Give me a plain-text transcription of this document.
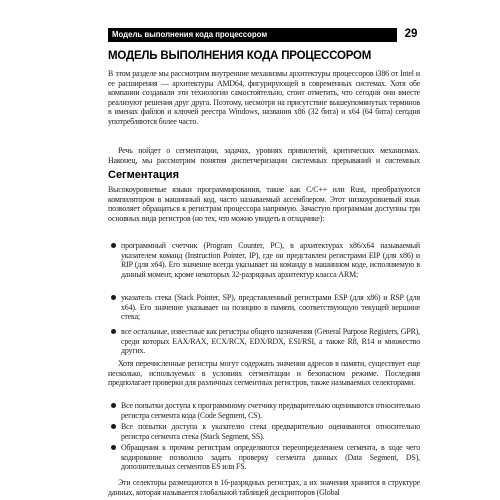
Модель выполнения кода процессором	29
МОДЕЛЬ ВЫПОЛНЕНИЯ КОДА ПРОЦЕССОРОМ
В этом разделе мы рассмотрим внутренние механизмы архитектуры процессоров i386 от Intel и ее расширения — архитектуры AMD64, фигурирующей в современных системах. Хотя обе компании создавали эти технологии самостоятельно, стоит отметить, что сегодня они вместе реализуют решения друг друга. Поэтому, несмотря на присутствие вышеупомянутых терминов в именах файлов и ключей реестра Windows, названия x86 (32 бита) и x64 (64 бита) сегодня употребляются более часто.
Речь пойдет о сегментации, задачах, уровнях привилегий, критических механизмах. Наконец, мы рассмотрим понятия диспетчеризации системных прерываний и системных
Сегментация
Высокоуровневые языки программирования, такие как C/C++ или Rust, преобразуются компилятором в машинный код, часто называемый ассемблером. Этот низкоуровневый язык позволяет обращаться к регистрам процессора напрямую. Зачастую программам доступны три основных вида регистров (но тех, что можно увидеть в отладчике):
программный счетчик (Program Counter, PC), в архитектурах x86/x64 называемый указателем команд (Instruction Pointer, IP), где он представлен регистрами EIP (для x86) и RIP (для x64). Его значение всегда указывает на команду в машинном коде, исполняемую в данный момент, кроме некоторых 32-разрядных архитектур класса ARM;
указатель стека (Stack Pointer, SP), представленный регистрами ESP (для x86) и RSP (для x64). Его значение указывает на позицию в памяти, соответствующую текущей вершине стека;
все остальные, известные как регистры общего назначения (General Purpose Registers, GPR), среди которых EAX/RAX, ECX/RCX, EDX/RDX, ESI/RSI, а также R8, R14 и множество других.
Хотя перечисленные регистры могут содержать значения адресов в памяти, существует еще несколько, используемых в условиях сегментации и безопасном режиме. Последняя предполагает проверки для различных сегментных регистров, также называемых селекторами.
Все попытки доступа к программному счетчику предварительно оцениваются относительно регистра сегмента кода (Code Segment, CS).
Все попытки доступа к указателю стека предварительно оцениваются относительно регистра сегмента стека (Stack Segment, SS).
Обращения к прочим регистрам определяются переопределением сегмента, в ходе чего кодирование позволило задать проверку сегмента данных (Data Segment, DS), дополнительных сегментов ES или FS.
Эти селекторы размещаются в 16-разрядных регистрах, а их значения хранятся в структуре данных, которая называется глобальной таблицей дескрипторов (Global
